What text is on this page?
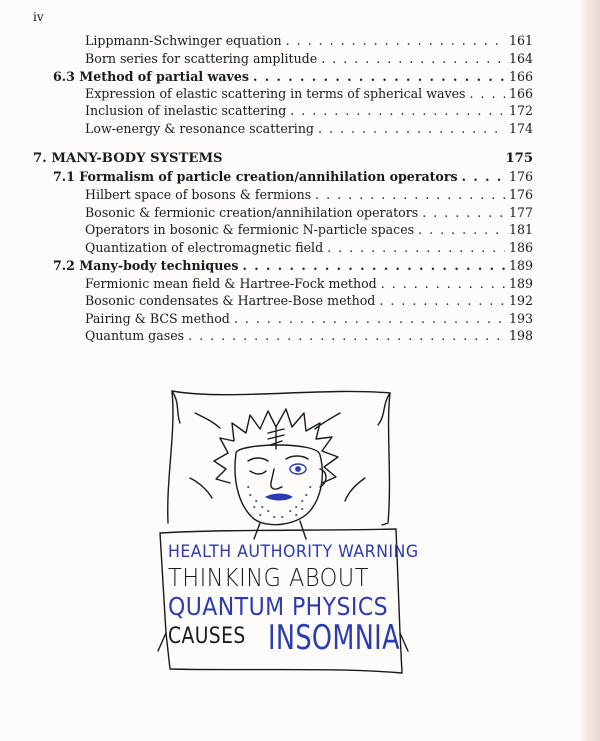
iv
Lippmann-Schwinger equation . . .	161
Born series for scattering amplitude . . .	164
6.3 Method of partial waves . . .	166
Expression of elastic scattering in terms of spherical waves . . .	166
Inclusion of inelastic scattering . . .	172
Low-energy & resonance scattering . . .	174
7. MANY-BODY SYSTEMS	175
7.1 Formalism of particle creation/annihilation operators . . .	176
Hilbert space of bosons & fermions . . .	176
Bosonic & fermionic creation/annihilation operators . . .	177
Operators in bosonic & fermionic N-particle spaces . . .	181
Quantization of electromagnetic field . . .	186
7.2 Many-body techniques . . .	189
Fermionic mean field & Hartree-Fock method . . .	189
Bosonic condensates & Hartree-Bose method . . .	192
Pairing & BCS method . . .	193
Quantum gases . . .	198
HEALTH AUTHORITY WARNING
THINKING ABOUT
QUANTUM PHYSICS
CAUSES INSOMNIA
